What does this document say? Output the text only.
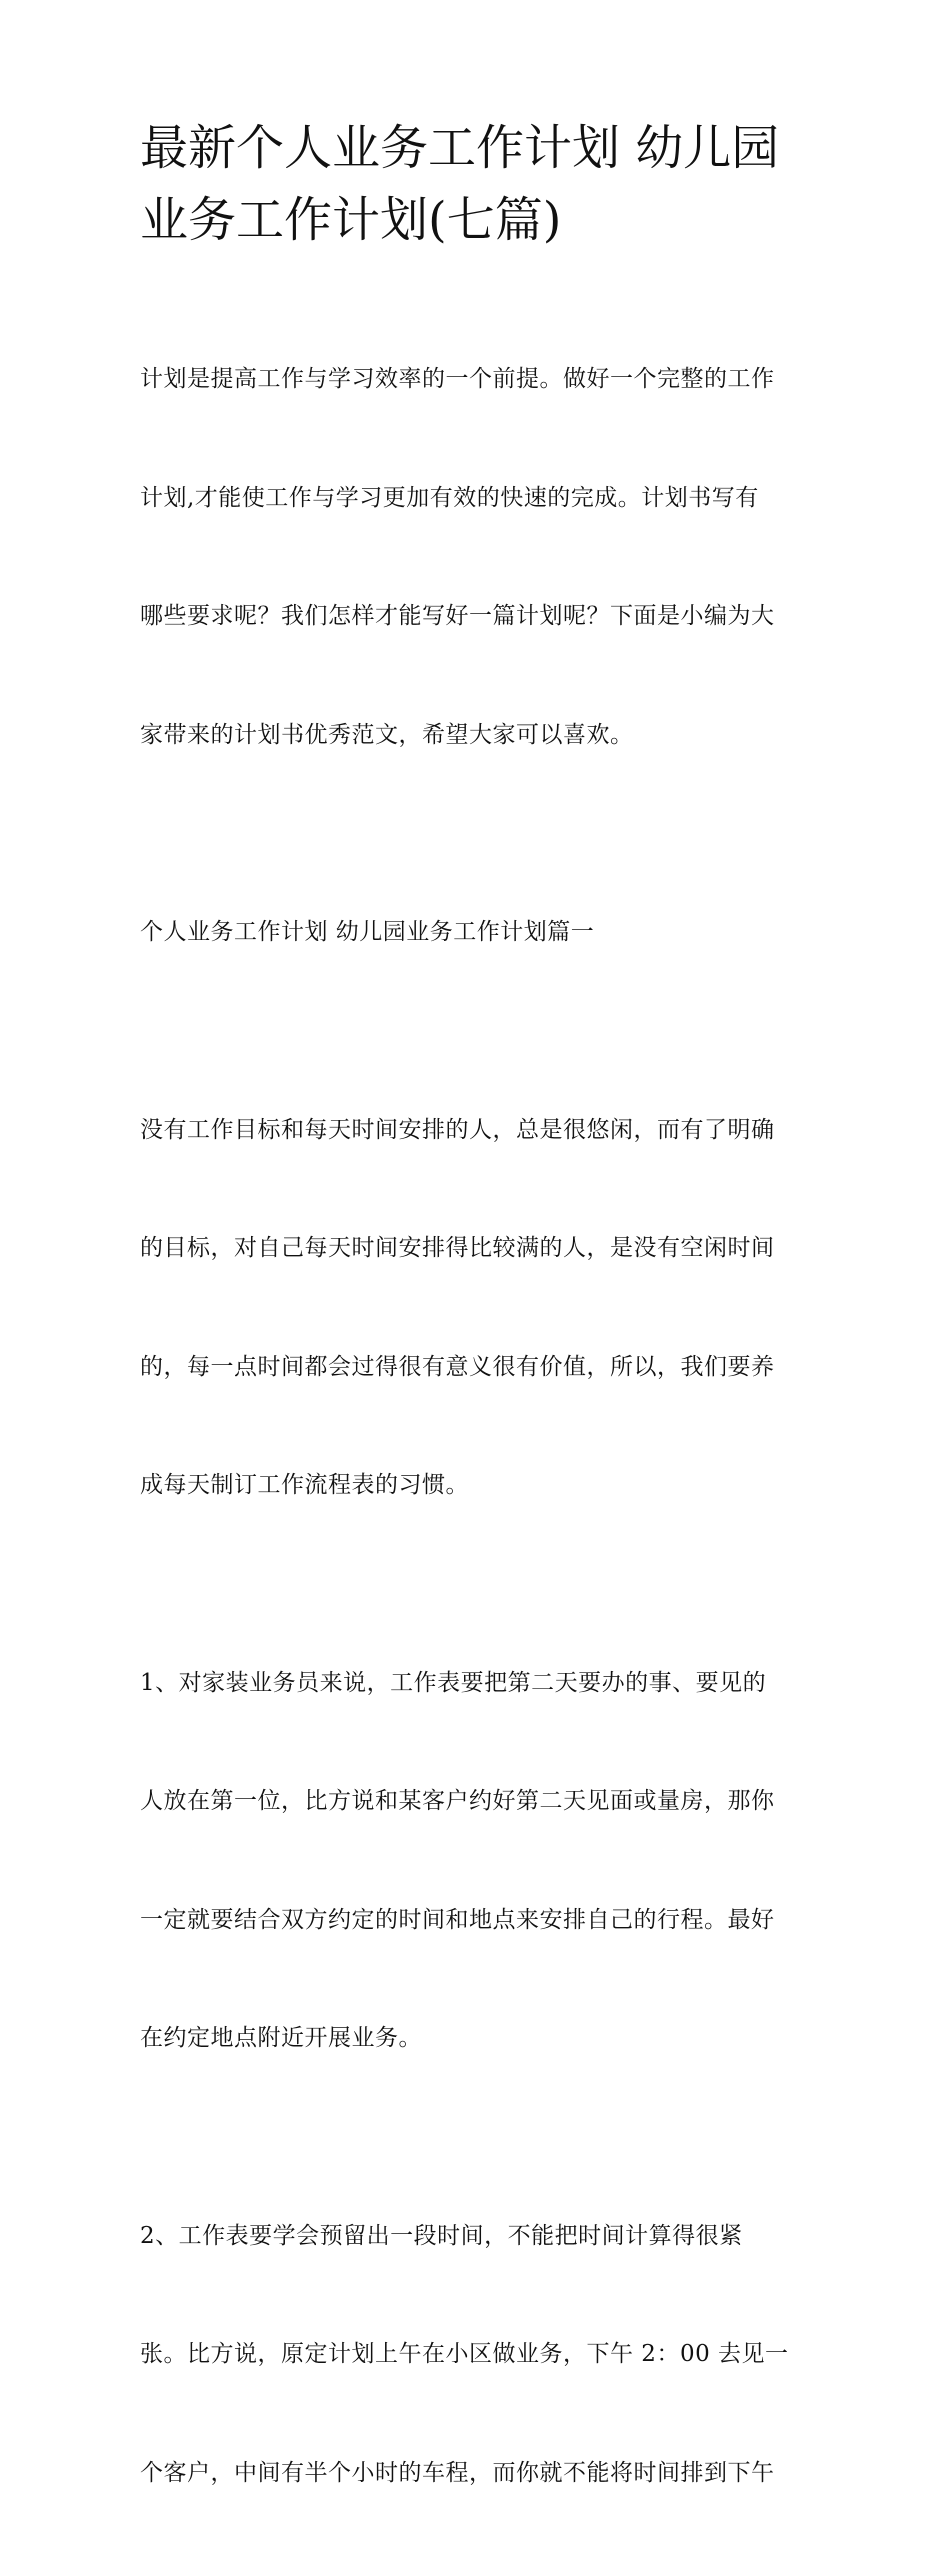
最新个人业务工作计划 幼儿园
业务工作计划(七篇)

计划是提高工作与学习效率的一个前提。做好一个完整的工作

计划,才能使工作与学习更加有效的快速的完成。计划书写有

哪些要求呢？我们怎样才能写好一篇计划呢？下面是小编为大

家带来的计划书优秀范文，希望大家可以喜欢。

个人业务工作计划 幼儿园业务工作计划篇一

没有工作目标和每天时间安排的人，总是很悠闲，而有了明确

的目标，对自己每天时间安排得比较满的人，是没有空闲时间

的，每一点时间都会过得很有意义很有价值，所以，我们要养

成每天制订工作流程表的习惯。

1、对家装业务员来说，工作表要把第二天要办的事、要见的

人放在第一位，比方说和某客户约好第二天见面或量房，那你

一定就要结合双方约定的时间和地点来安排自己的行程。最好

在约定地点附近开展业务。

2、工作表要学会预留出一段时间，不能把时间计算得很紧

张。比方说，原定计划上午在小区做业务，下午 2：00 去见一

个客户，中间有半个小时的车程，而你就不能将时间排到下午
